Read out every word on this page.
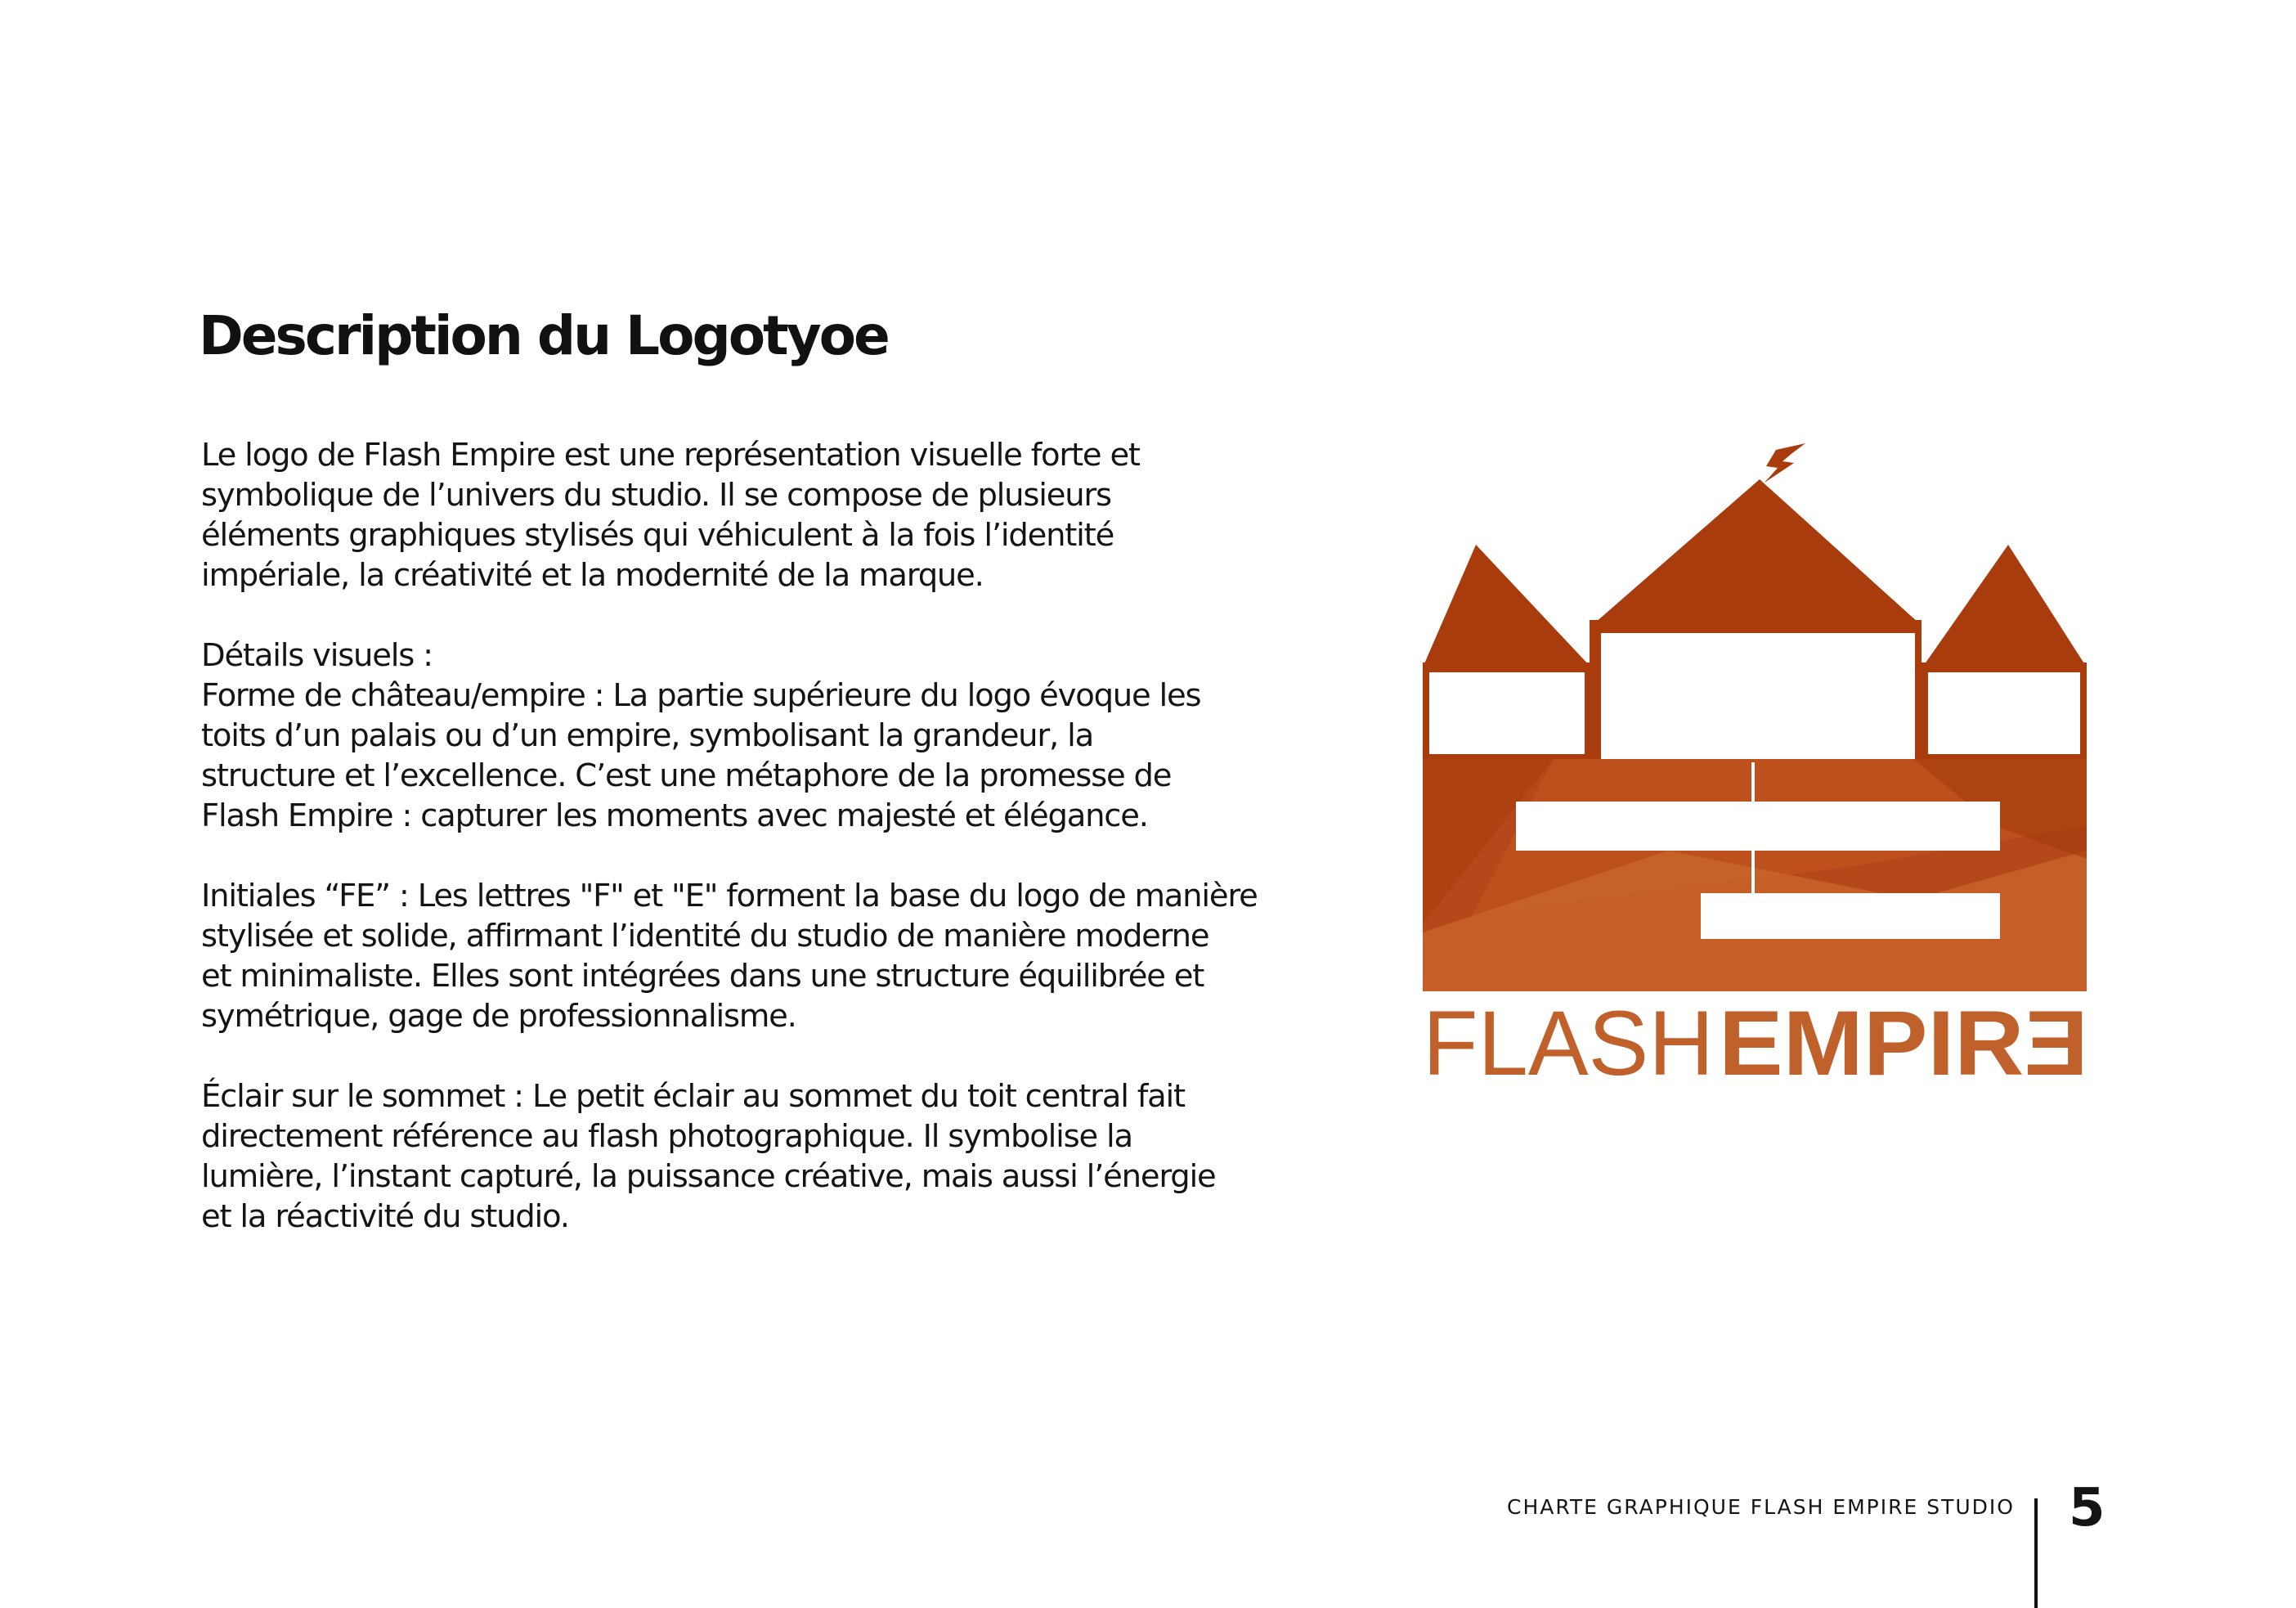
Description du Logotyoe

Le logo de Flash Empire est une représentation visuelle forte et
symbolique de l’univers du studio. Il se compose de plusieurs
éléments graphiques stylisés qui véhiculent à la fois l’identité
impériale, la créativité et la modernité de la marque.

Détails visuels :
Forme de château/empire : La partie supérieure du logo évoque les
toits d’un palais ou d’un empire, symbolisant la grandeur, la
structure et l’excellence. C’est une métaphore de la promesse de
Flash Empire : capturer les moments avec majesté et élégance.

Initiales “FE” : Les lettres "F" et "E" forment la base du logo de manière
stylisée et solide, affirmant l’identité du studio de manière moderne
et minimaliste. Elles sont intégrées dans une structure équilibrée et
symétrique, gage de professionnalisme.

Éclair sur le sommet : Le petit éclair au sommet du toit central fait
directement référence au flash photographique. Il symbolise la
lumière, l’instant capturé, la puissance créative, mais aussi l’énergie
et la réactivité du studio.

FLASH EMPIRƎ
CHARTE GRAPHIQUE FLASH EMPIRE STUDIO 5
